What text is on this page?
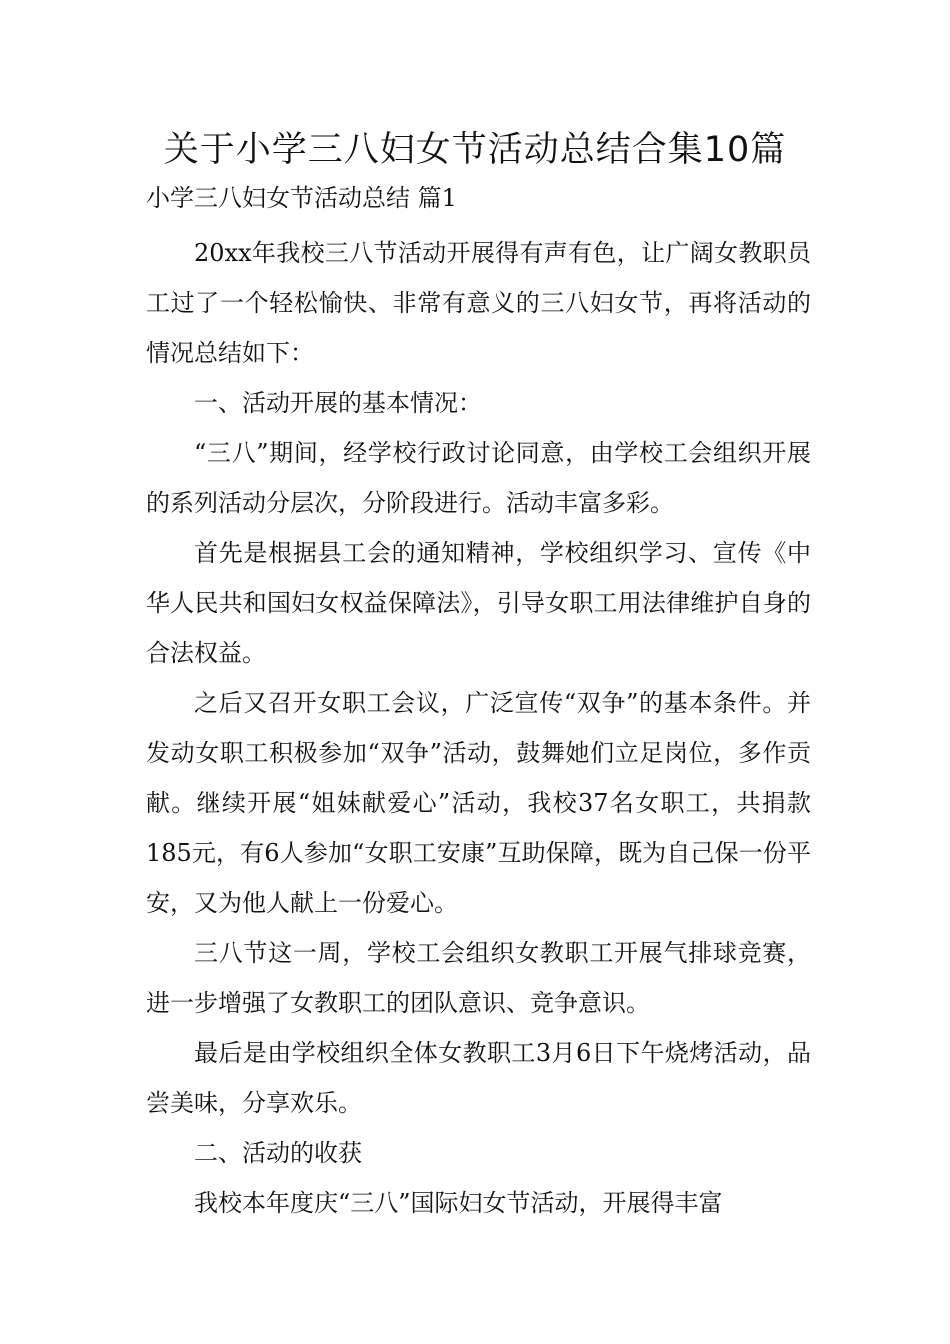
关于小学三八妇女节活动总结合集10篇
小学三八妇女节活动总结 篇1

20xx年我校三八节活动开展得有声有色，让广阔女教职员工过了一个轻松愉快、非常有意义的三八妇女节，再将活动的情况总结如下：

一、活动开展的基本情况：

“三八”期间，经学校行政讨论同意，由学校工会组织开展的系列活动分层次，分阶段进行。活动丰富多彩。

首先是根据县工会的通知精神，学校组织学习、宣传《中华人民共和国妇女权益保障法》，引导女职工用法律维护自身的合法权益。

之后又召开女职工会议，广泛宣传“双争”的基本条件。并发动女职工积极参加“双争”活动，鼓舞她们立足岗位，多作贡献。继续开展“姐妹献爱心”活动，我校37名女职工，共捐款185元，有6人参加“女职工安康”互助保障，既为自己保一份平安，又为他人献上一份爱心。

三八节这一周，学校工会组织女教职工开展气排球竞赛，进一步增强了女教职工的团队意识、竞争意识。

最后是由学校组织全体女教职工3月6日下午烧烤活动，品尝美味，分享欢乐。

二、活动的收获

我校本年度庆“三八”国际妇女节活动，开展得丰富
